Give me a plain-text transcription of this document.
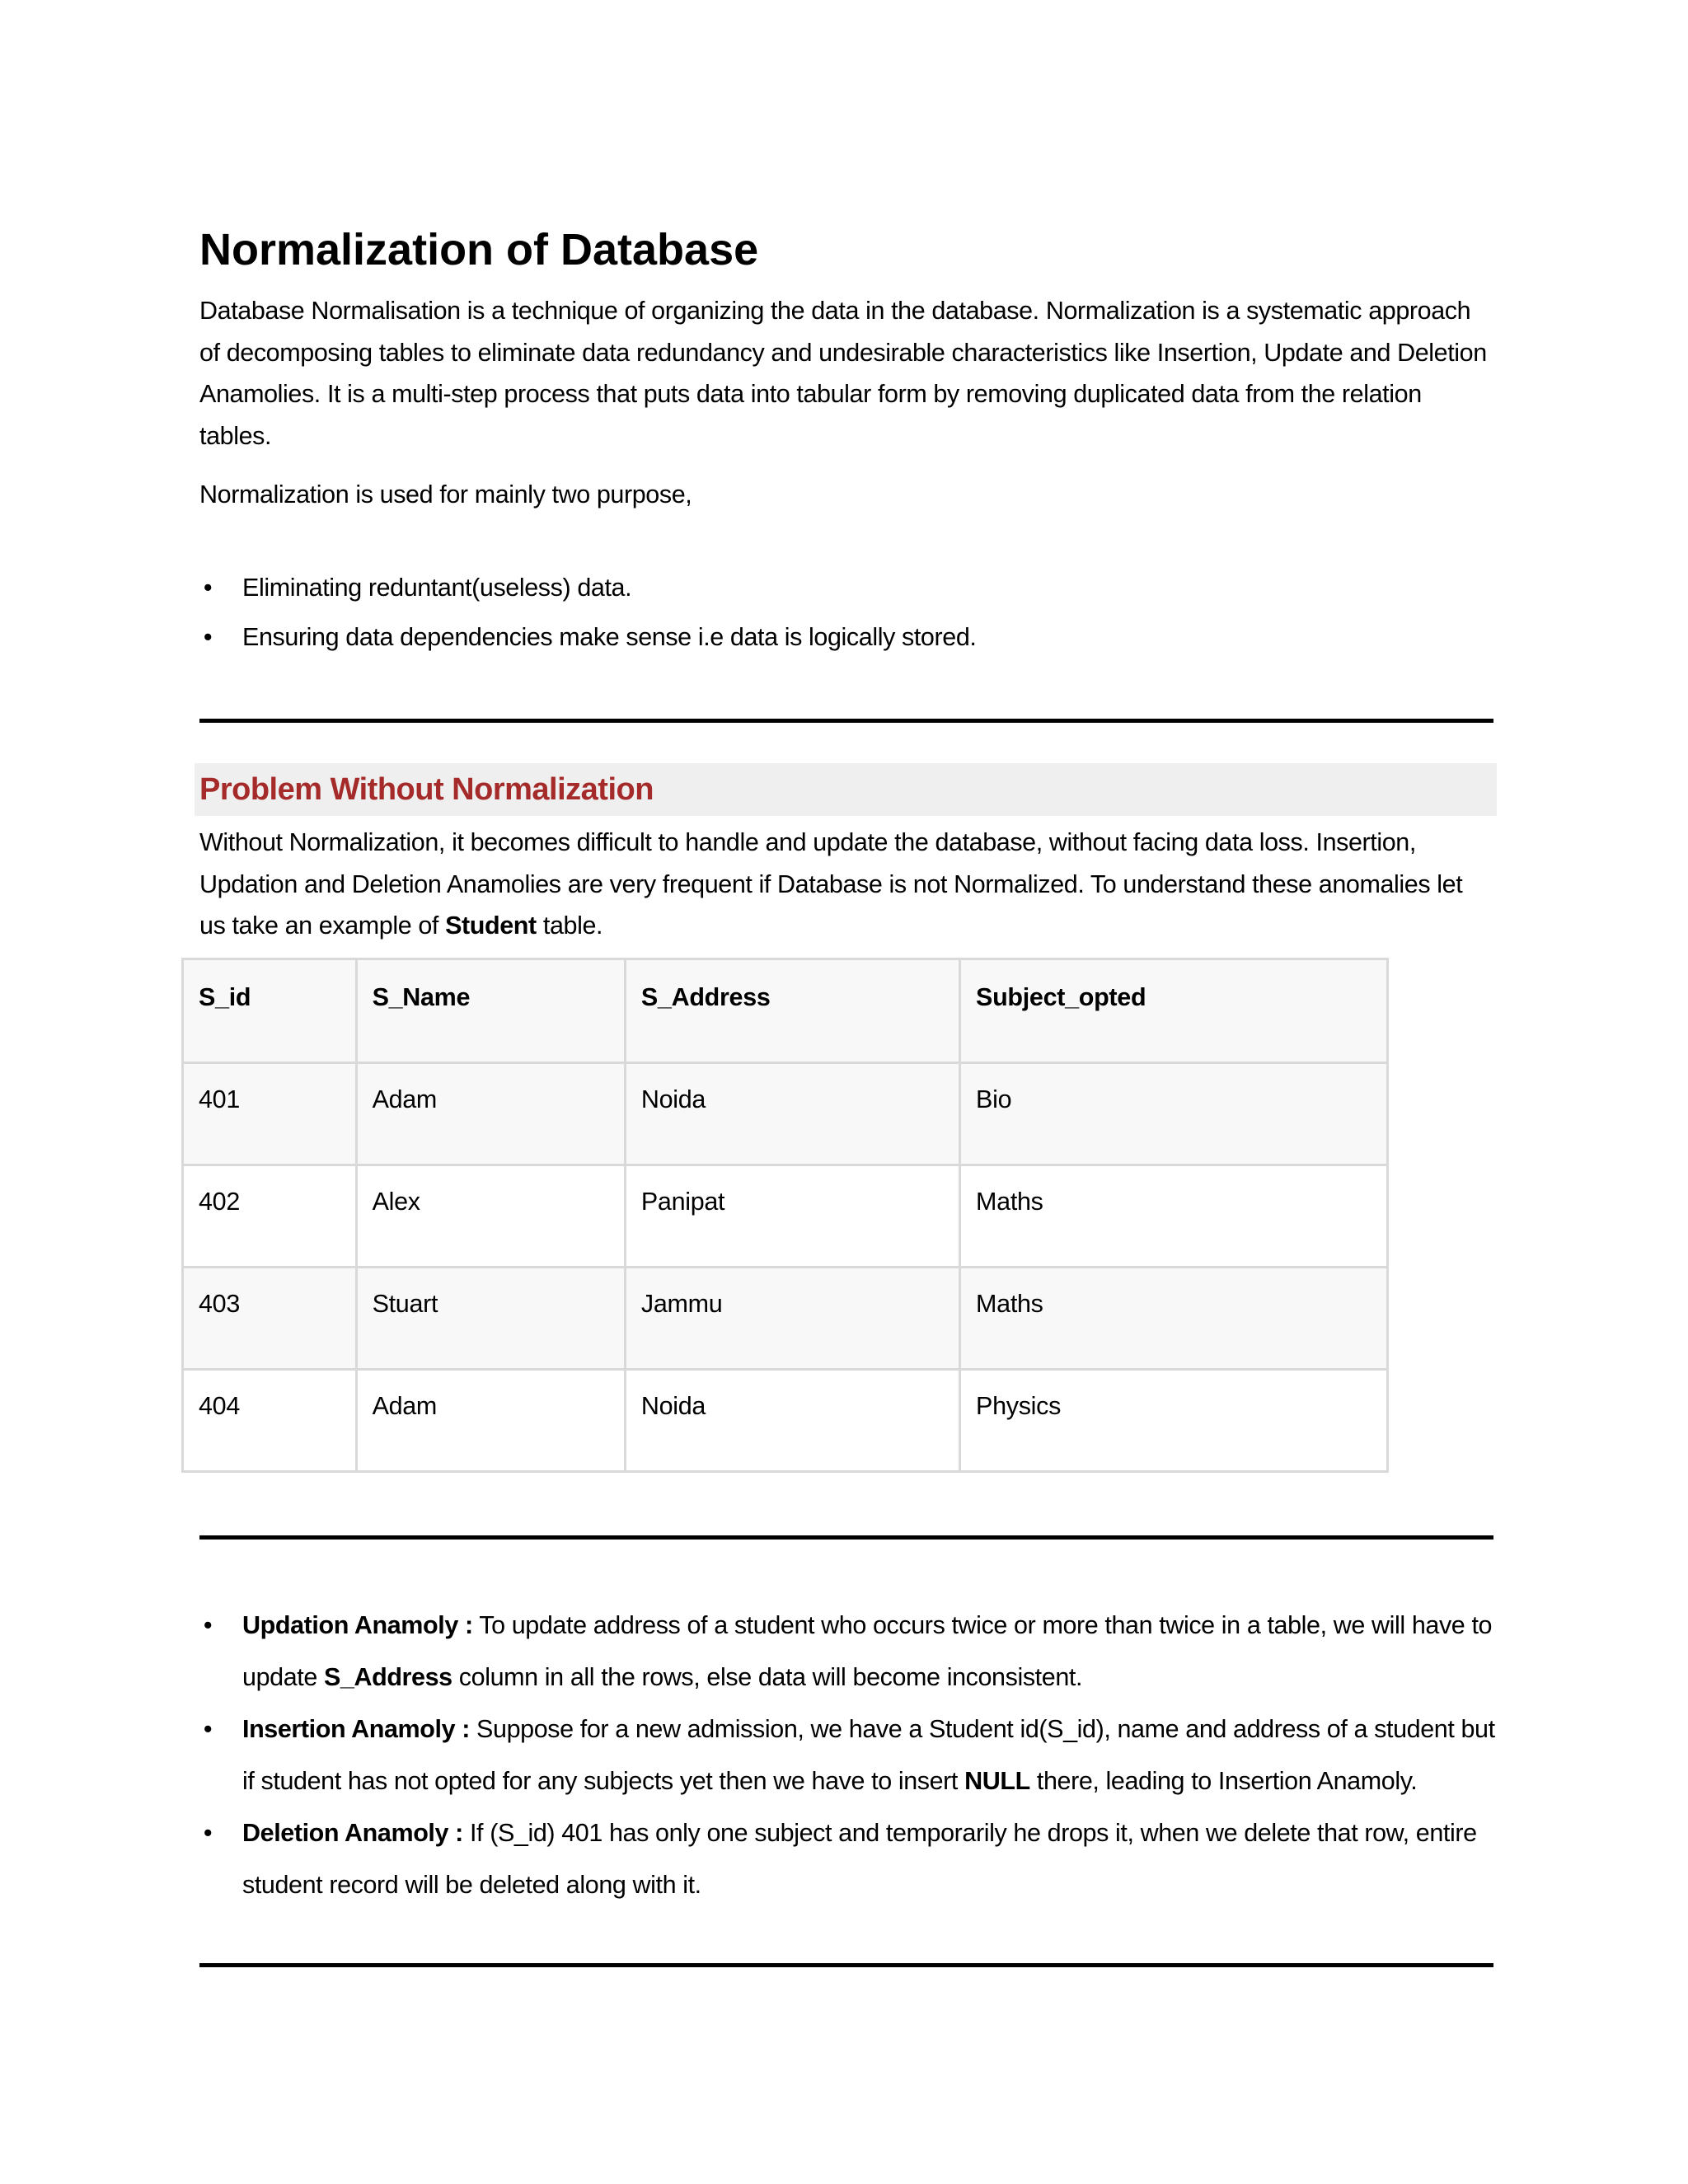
Normalization of Database

Database Normalisation is a technique of organizing the data in the database. Normalization is a systematic approach of decomposing tables to eliminate data redundancy and undesirable characteristics like Insertion, Update and Deletion Anamolies. It is a multi-step process that puts data into tabular form by removing duplicated data from the relation tables.

Normalization is used for mainly two purpose,

• Eliminating reduntant(useless) data.
• Ensuring data dependencies make sense i.e data is logically stored.
Problem Without Normalization

Without Normalization, it becomes difficult to handle and update the database, without facing data loss. Insertion, Updation and Deletion Anamolies are very frequent if Database is not Normalized. To understand these anomalies let us take an example of Student table.

S_id	S_Name	S_Address	Subject_opted
401	Adam	Noida	Bio
402	Alex	Panipat	Maths
403	Stuart	Jammu	Maths
404	Adam	Noida	Physics
• Updation Anamoly : To update address of a student who occurs twice or more than twice in a table, we will have to update S_Address column in all the rows, else data will become inconsistent.
• Insertion Anamoly : Suppose for a new admission, we have a Student id(S_id), name and address of a student but if student has not opted for any subjects yet then we have to insert NULL there, leading to Insertion Anamoly.
• Deletion Anamoly : If (S_id) 401 has only one subject and temporarily he drops it, when we delete that row, entire student record will be deleted along with it.
